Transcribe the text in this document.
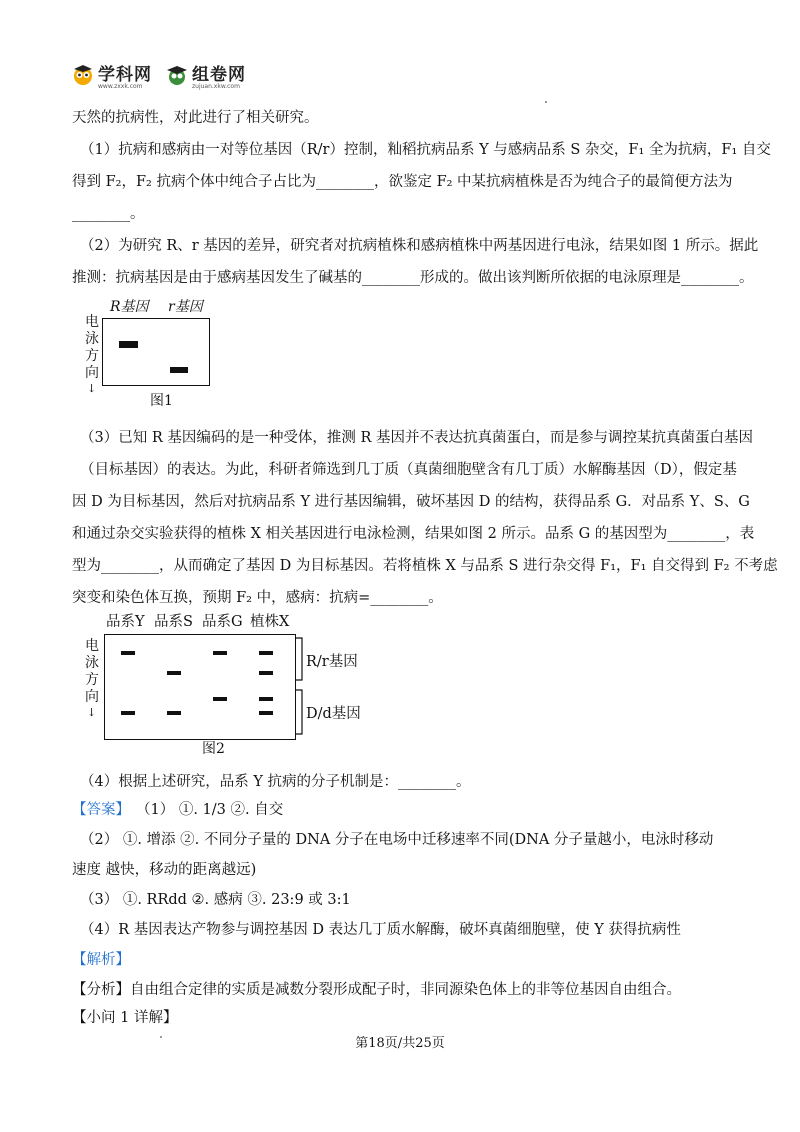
学科网
www.zxxk.com
组卷网
zujuan.xkw.com
天然的抗病性，对此进行了相关研究。
（1）抗病和感病由一对等位基因（R/r）控制，籼稻抗病品系 Y 与感病品系 S 杂交，F₁ 全为抗病，F₁ 自交
得到 F₂，F₂ 抗病个体中纯合子占比为________，欲鉴定 F₂ 中某抗病植株是否为纯合子的最简便方法为
________。
（2）为研究 R、r 基因的差异，研究者对抗病植株和感病植株中两基因进行电泳，结果如图 1 所示。据此
推测：抗病基因是由于感病基因发生了碱基的________形成的。做出该判断所依据的电泳原理是________。
R基因 r基因
电泳方向
↓
图1
（3）已知 R 基因编码的是一种受体，推测 R 基因并不表达抗真菌蛋白，而是参与调控某抗真菌蛋白基因
（目标基因）的表达。为此，科研者筛选到几丁质（真菌细胞壁含有几丁质）水解酶基因（D），假定基
因 D 为目标基因，然后对抗病品系 Y 进行基因编辑，破坏基因 D 的结构，获得品系 G．对品系 Y、S、G
和通过杂交实验获得的植株 X 相关基因进行电泳检测，结果如图 2 所示。品系 G 的基因型为________，表
型为________，从而确定了基因 D 为目标基因。若将植株 X 与品系 S 进行杂交得 F₁，F₁ 自交得到 F₂ 不考虑
突变和染色体互换，预期 F₂ 中，感病：抗病=________。
品系Y 品系S 品系G 植株X
电泳方向
↓
R/r基因
D/d基因
图2
（4）根据上述研究，品系 Y 抗病的分子机制是：________。
【答案】 （1） ①. 1/3 ②. 自交
（2） ①. 增添 ②. 不同分子量的 DNA 分子在电场中迁移速率不同(DNA 分子量越小，电泳时移动
速度 越快，移动的距离越远)
（3） ①. RRdd ②. 感病 ③. 23:9 或 3:1
（4）R 基因表达产物参与调控基因 D 表达几丁质水解酶，破坏真菌细胞壁，使 Y 获得抗病性
【解析】
【分析】自由组合定律的实质是减数分裂形成配子时，非同源染色体上的非等位基因自由组合。
【小问 1 详解】
第18页/共25页
